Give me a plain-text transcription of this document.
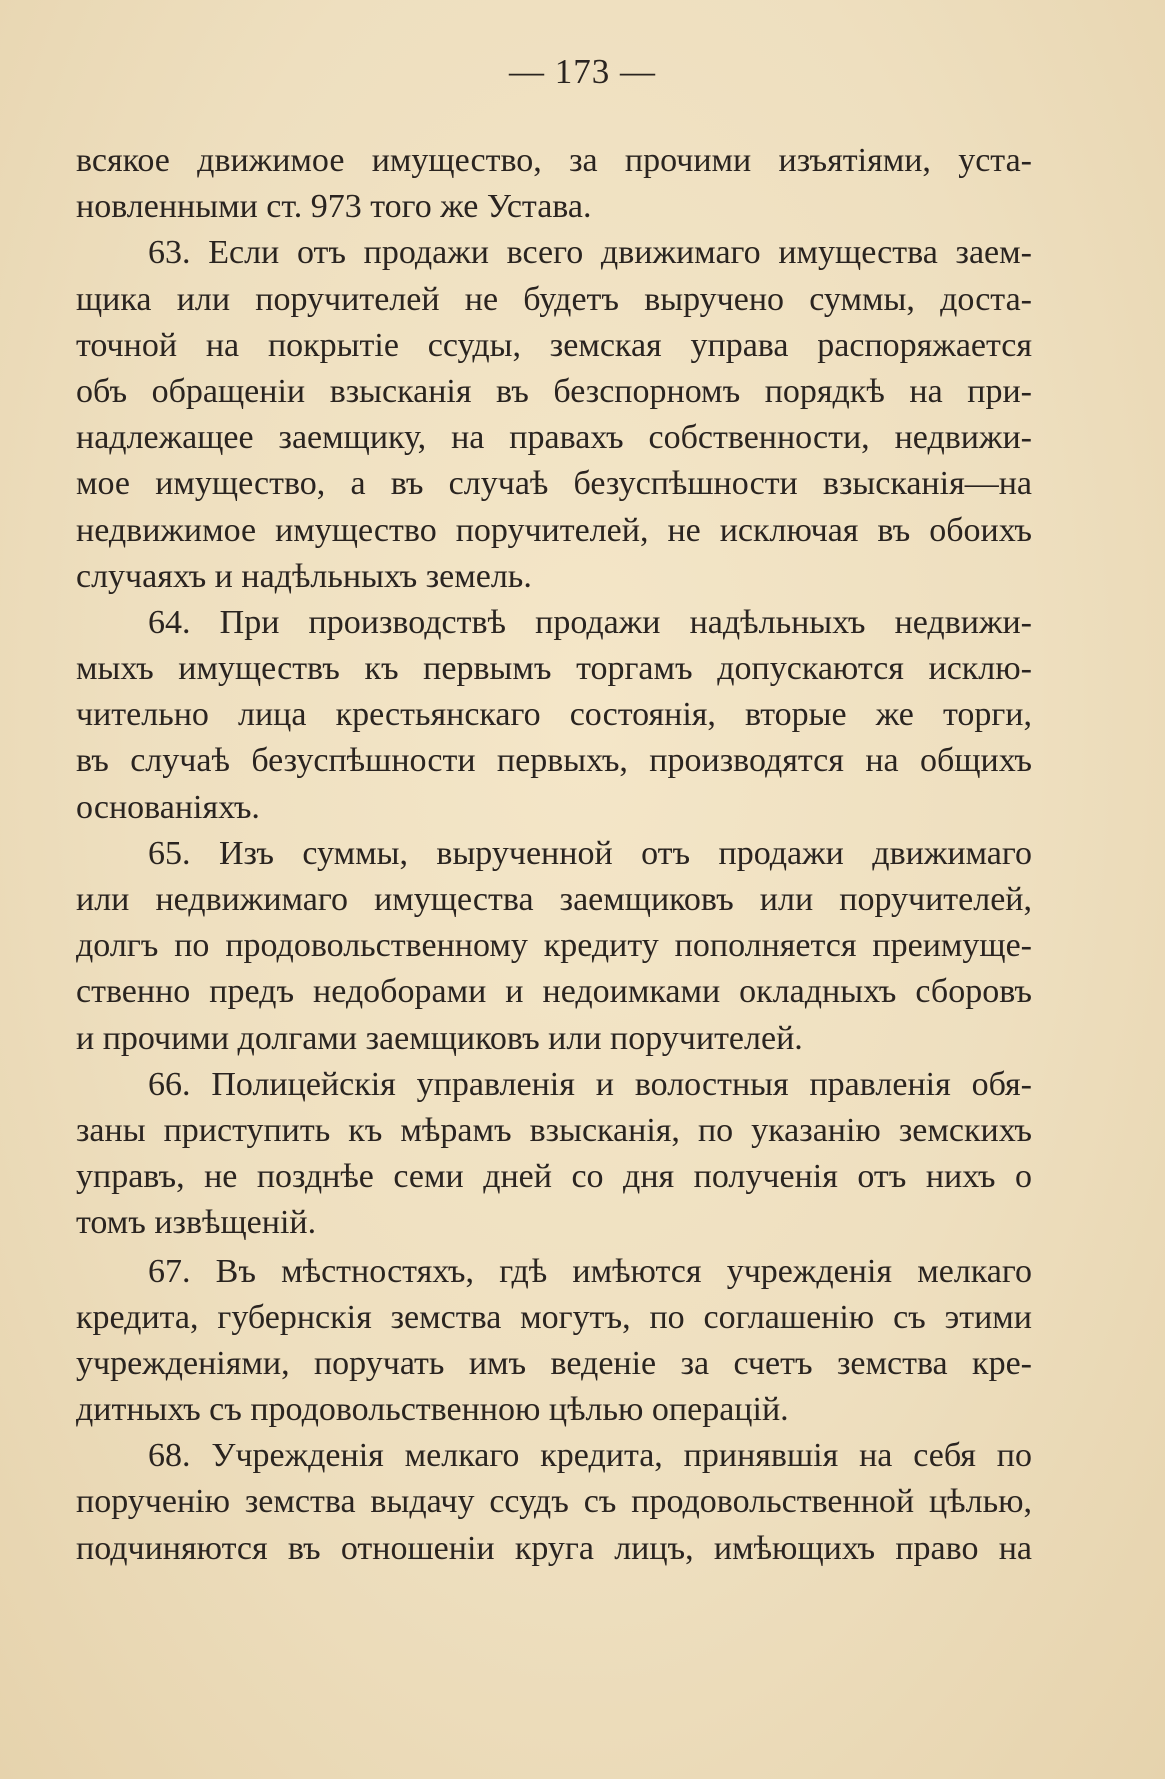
— 173 —
всякое движимое имущество, за прочими изъятіями, уста-
новленными ст. 973 того же Устава.
63. Если отъ продажи всего движимаго имущества заем-
щика или поручителей не будетъ выручено суммы, доста-
точной на покрытіе ссуды, земская управа распоряжается
объ обращеніи взысканія въ безспорномъ порядкѣ на при-
надлежащее заемщику, на правахъ собственности, недвижи-
мое имущество, а въ случаѣ безуспѣшности взысканія—на
недвижимое имущество поручителей, не исключая въ обоихъ
случаяхъ и надѣльныхъ земель.
64. При производствѣ продажи надѣльныхъ недвижи-
мыхъ имуществъ къ первымъ торгамъ допускаются исклю-
чительно лица крестьянскаго состоянія, вторые же торги,
въ случаѣ безуспѣшности первыхъ, производятся на общихъ
основаніяхъ.
65. Изъ суммы, вырученной отъ продажи движимаго
или недвижимаго имущества заемщиковъ или поручителей,
долгъ по продовольственному кредиту пополняется преимуще-
ственно предъ недоборами и недоимками окладныхъ сборовъ
и прочими долгами заемщиковъ или поручителей.
66. Полицейскія управленія и волостныя правленія обя-
заны приступить къ мѣрамъ взысканія, по указанію земскихъ
управъ, не позднѣе семи дней со дня полученія отъ нихъ о
томъ извѣщеній.
67. Въ мѣстностяхъ, гдѣ имѣются учрежденія мелкаго
кредита, губернскія земства могутъ, по соглашенію съ этими
учрежденіями, поручать имъ веденіе за счетъ земства кре-
дитныхъ съ продовольственною цѣлью операцій.
68. Учрежденія мелкаго кредита, принявшія на себя по
порученію земства выдачу ссудъ съ продовольственной цѣлью,
подчиняются въ отношеніи круга лицъ, имѣющихъ право на
